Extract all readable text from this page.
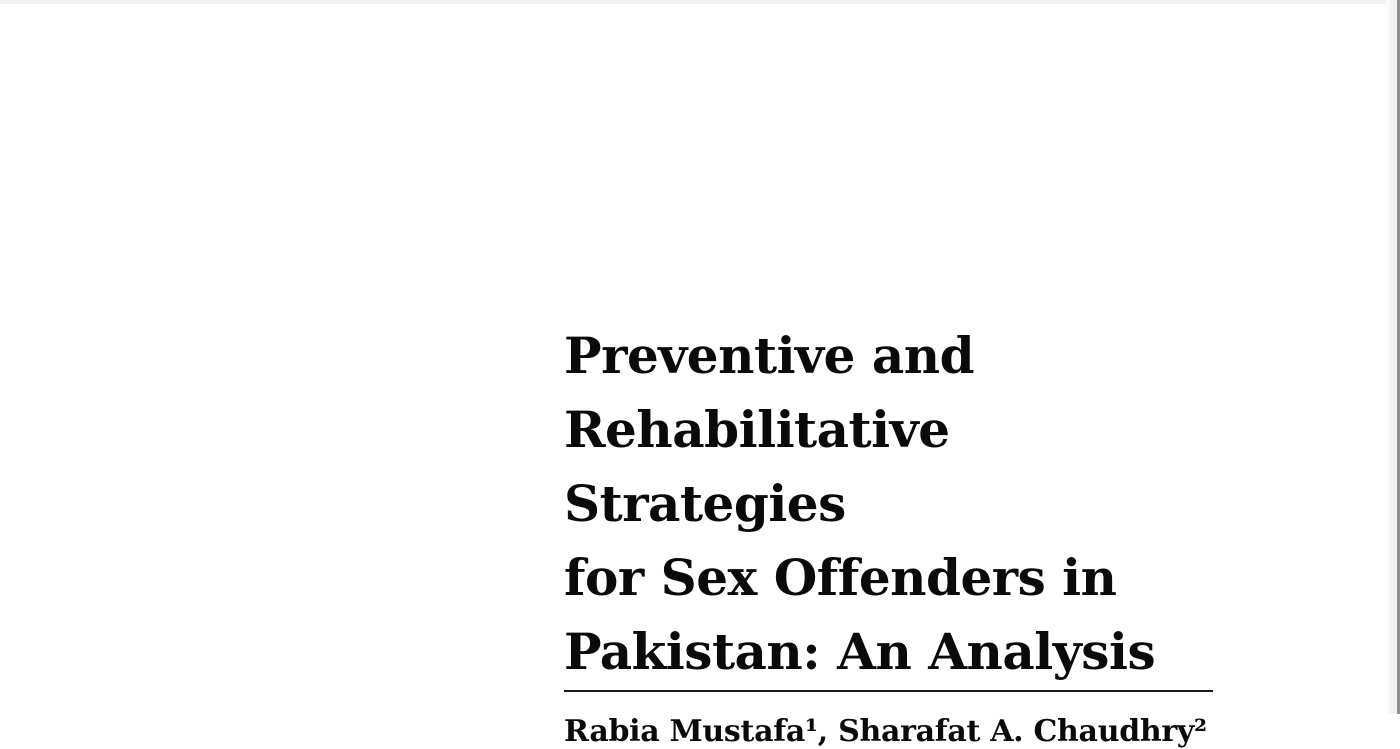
Preventive and
Rehabilitative Strategies
for Sex Offenders in
Pakistan: An Analysis
Rabia Mustafa¹, Sharafat A. Chaudhry²
